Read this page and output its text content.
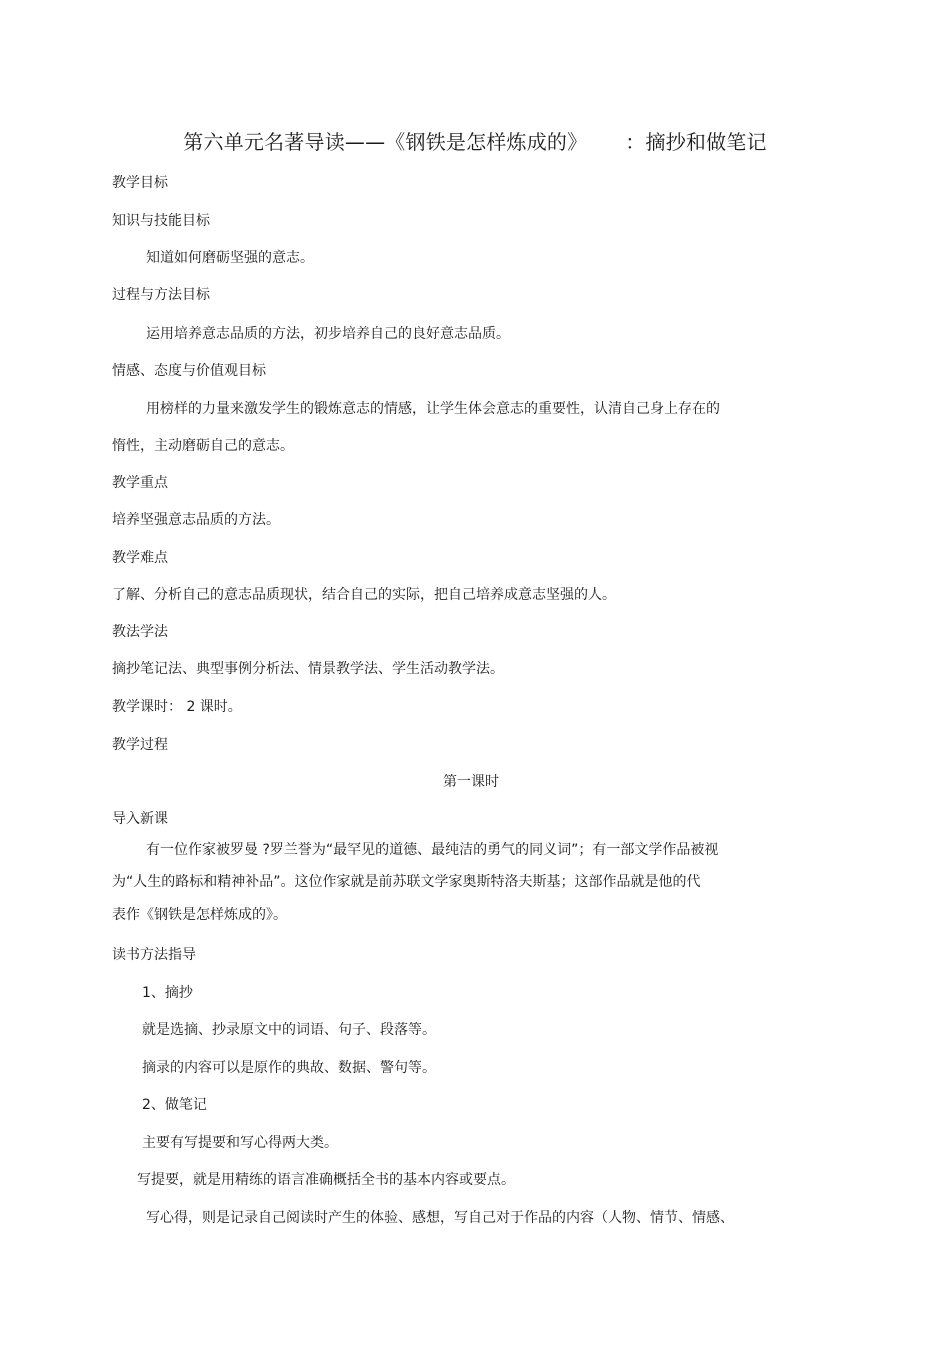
第六单元名著导读——《钢铁是怎样炼成的》 ：摘抄和做笔记
教学目标
知识与技能目标
知道如何磨砺坚强的意志。
过程与方法目标
运用培养意志品质的方法，初步培养自己的良好意志品质。
情感、态度与价值观目标
用榜样的力量来激发学生的锻炼意志的情感，让学生体会意志的重要性，认清自己身上存在的
惰性，主动磨砺自己的意志。
教学重点
培养坚强意志品质的方法。
教学难点
了解、分析自己的意志品质现状，结合自己的实际，把自己培养成意志坚强的人。
教法学法
摘抄笔记法、典型事例分析法、情景教学法、学生活动教学法。
教学课时： 2 课时。
教学过程
第一课时
导入新课
有一位作家被罗曼 ?罗兰誉为“最罕见的道德、最纯洁的勇气的同义词”；有一部文学作品被视
为“人生的路标和精神补品”。这位作家就是前苏联文学家奥斯特洛夫斯基；这部作品就是他的代
表作《钢铁是怎样炼成的》。
读书方法指导
1、摘抄
就是选摘、抄录原文中的词语、句子、段落等。
摘录的内容可以是原作的典故、数据、警句等。
2、做笔记
主要有写提要和写心得两大类。
写提要，就是用精练的语言准确概括全书的基本内容或要点。
写心得，则是记录自己阅读时产生的体验、感想，写自己对于作品的内容（人物、情节、情感、
